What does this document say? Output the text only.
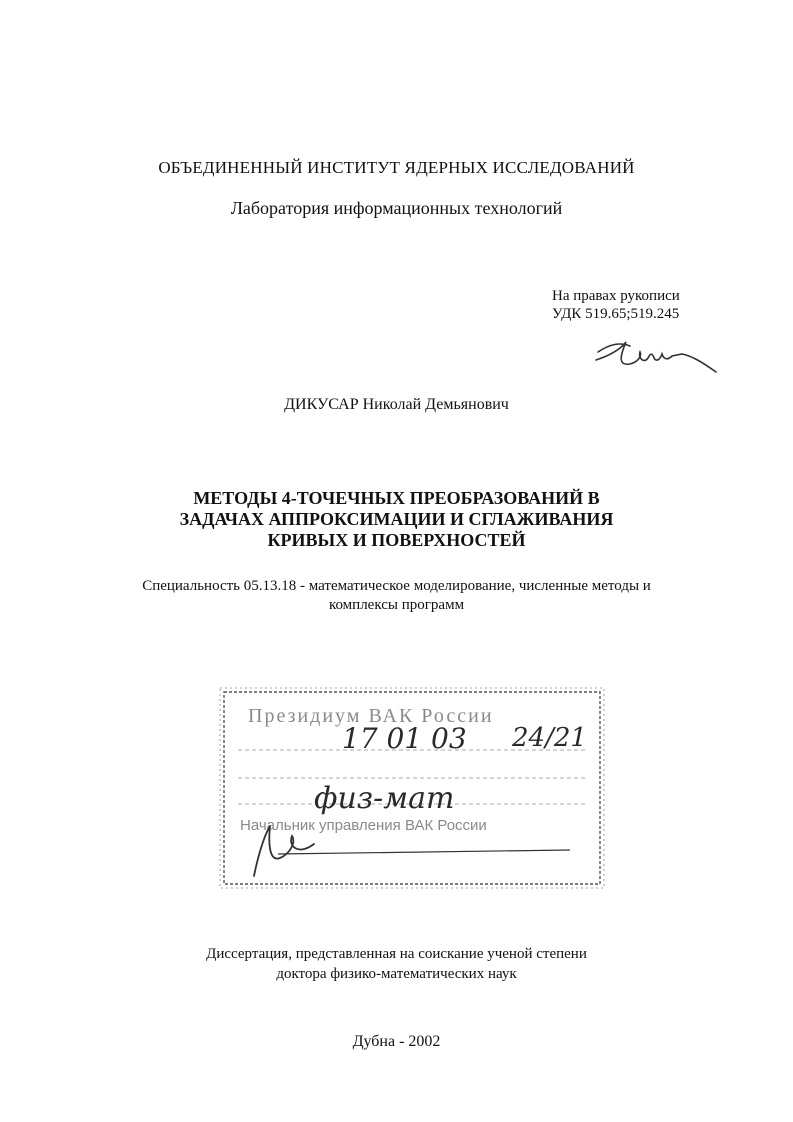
ОБЪЕДИНЕННЫЙ ИНСТИТУТ ЯДЕРНЫХ ИССЛЕДОВАНИЙ
Лаборатория информационных технологий
На правах рукописи
УДК 519.65;519.245
ДИКУСАР Николай Демьянович
МЕТОДЫ 4-ТОЧЕЧНЫХ ПРЕОБРАЗОВАНИЙ В
ЗАДАЧАХ АППРОКСИМАЦИИ И СГЛАЖИВАНИЯ
КРИВЫХ И ПОВЕРХНОСТЕЙ
Специальность 05.13.18 - математическое моделирование, численные методы и
комплексы программ
Президиум ВАК России
Начальник управления ВАК России
17 01 03 24/21
физ-мат
Диссертация, представленная на соискание ученой степени
доктора физико-математических наук
Дубна - 2002
